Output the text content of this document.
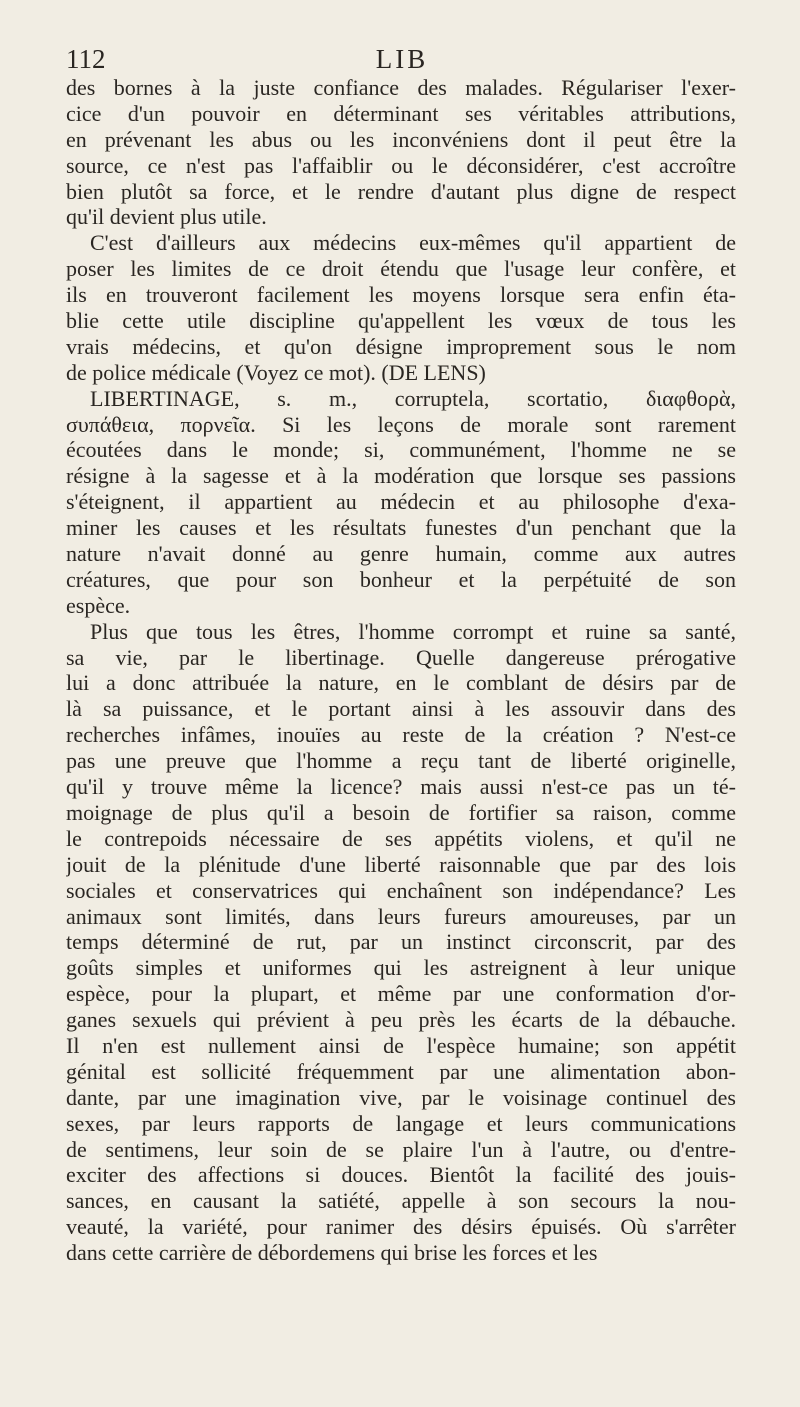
112	LIB
des bornes à la juste confiance des malades. Régulariser l'exer-
cice d'un pouvoir en déterminant ses véritables attributions,
en prévenant les abus ou les inconvéniens dont il peut être la
source, ce n'est pas l'affaiblir ou le déconsidérer, c'est accroître
bien plutôt sa force, et le rendre d'autant plus digne de respect
qu'il devient plus utile.
C'est d'ailleurs aux médecins eux-mêmes qu'il appartient de
poser les limites de ce droit étendu que l'usage leur confère, et
ils en trouveront facilement les moyens lorsque sera enfin éta-
blie cette utile discipline qu'appellent les vœux de tous les
vrais médecins, et qu'on désigne improprement sous le nom
de police médicale (Voyez ce mot). (DE LENS)
LIBERTINAGE, s. m., corruptela, scortatio, διαφθορὰ,
συπάθεια, πορνεῖα. Si les leçons de morale sont rarement
écoutées dans le monde; si, communément, l'homme ne se
résigne à la sagesse et à la modération que lorsque ses passions
s'éteignent, il appartient au médecin et au philosophe d'exa-
miner les causes et les résultats funestes d'un penchant que la
nature n'avait donné au genre humain, comme aux autres
créatures, que pour son bonheur et la perpétuité de son
espèce.
Plus que tous les êtres, l'homme corrompt et ruine sa santé,
sa vie, par le libertinage. Quelle dangereuse prérogative
lui a donc attribuée la nature, en le comblant de désirs par de
là sa puissance, et le portant ainsi à les assouvir dans des
recherches infâmes, inouïes au reste de la création ? N'est-ce
pas une preuve que l'homme a reçu tant de liberté originelle,
qu'il y trouve même la licence? mais aussi n'est-ce pas un té-
moignage de plus qu'il a besoin de fortifier sa raison, comme
le contrepoids nécessaire de ses appétits violens, et qu'il ne
jouit de la plénitude d'une liberté raisonnable que par des lois
sociales et conservatrices qui enchaînent son indépendance? Les
animaux sont limités, dans leurs fureurs amoureuses, par un
temps déterminé de rut, par un instinct circonscrit, par des
goûts simples et uniformes qui les astreignent à leur unique
espèce, pour la plupart, et même par une conformation d'or-
ganes sexuels qui prévient à peu près les écarts de la débauche.
Il n'en est nullement ainsi de l'espèce humaine; son appétit
génital est sollicité fréquemment par une alimentation abon-
dante, par une imagination vive, par le voisinage continuel des
sexes, par leurs rapports de langage et leurs communications
de sentimens, leur soin de se plaire l'un à l'autre, ou d'entre-
exciter des affections si douces. Bientôt la facilité des jouis-
sances, en causant la satiété, appelle à son secours la nou-
veauté, la variété, pour ranimer des désirs épuisés. Où s'arrêter
dans cette carrière de débordemens qui brise les forces et les
